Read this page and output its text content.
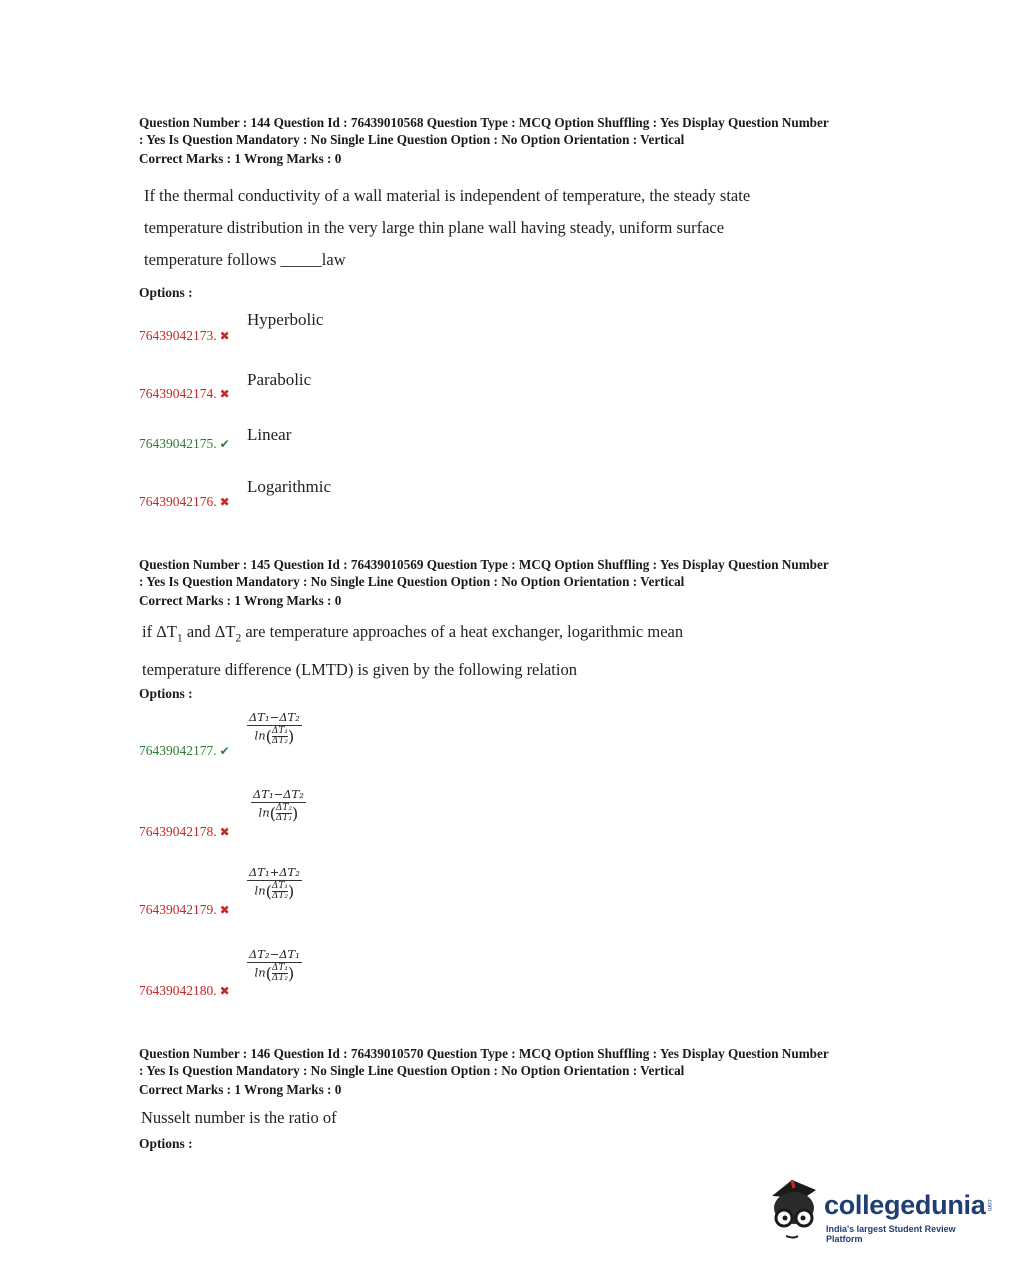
Question Number : 144 Question Id : 76439010568 Question Type : MCQ Option Shuffling : Yes Display Question Number
: Yes Is Question Mandatory : No Single Line Question Option : No Option Orientation : Vertical
Correct Marks : 1 Wrong Marks : 0
If the thermal conductivity of a wall material is independent of temperature, the steady state
temperature distribution in the very large thin plane wall having steady, uniform surface
temperature follows _____law
Options :
Hyperbolic
76439042173. ✖
Parabolic
76439042174. ✖
Linear
76439042175. ✔
Logarithmic
76439042176. ✖
Question Number : 145 Question Id : 76439010569 Question Type : MCQ Option Shuffling : Yes Display Question Number
: Yes Is Question Mandatory : No Single Line Question Option : No Option Orientation : Vertical
Correct Marks : 1 Wrong Marks : 0
if $\Delta T_1$ and $\Delta T_2$ are temperature approaches of a heat exchanger, logarithmic mean
temperature difference (LMTD) is given by the following relation
Options :
$\frac{\text{ΔT₁−ΔT₂}}{\ln( \frac{\text{ΔT₁}}{\text{ΔT₂}})}$
76439042177. ✔
$\frac{\text{ΔT₁−ΔT₂}}{\ln( \frac{\text{ΔT₂}}{\text{ΔT₁}})}$
76439042178. ✖
$\frac{\text{ΔT₁+ΔT₂}}{\ln( \frac{\text{ΔT₁}}{\text{ΔT₂}})}$
76439042179. ✖
$\frac{\text{ΔT₂−ΔT₁}}{\ln( \frac{\text{ΔT₁}}{\text{ΔT₂}})}$
76439042180. ✖
Question Number : 146 Question Id : 76439010570 Question Type : MCQ Option Shuffling : Yes Display Question Number
: Yes Is Question Mandatory : No Single Line Question Option : No Option Orientation : Vertical
Correct Marks : 1 Wrong Marks : 0
Nusselt number is the ratio of
Options :
collegedunia .com
India's largest Student Review Platform
